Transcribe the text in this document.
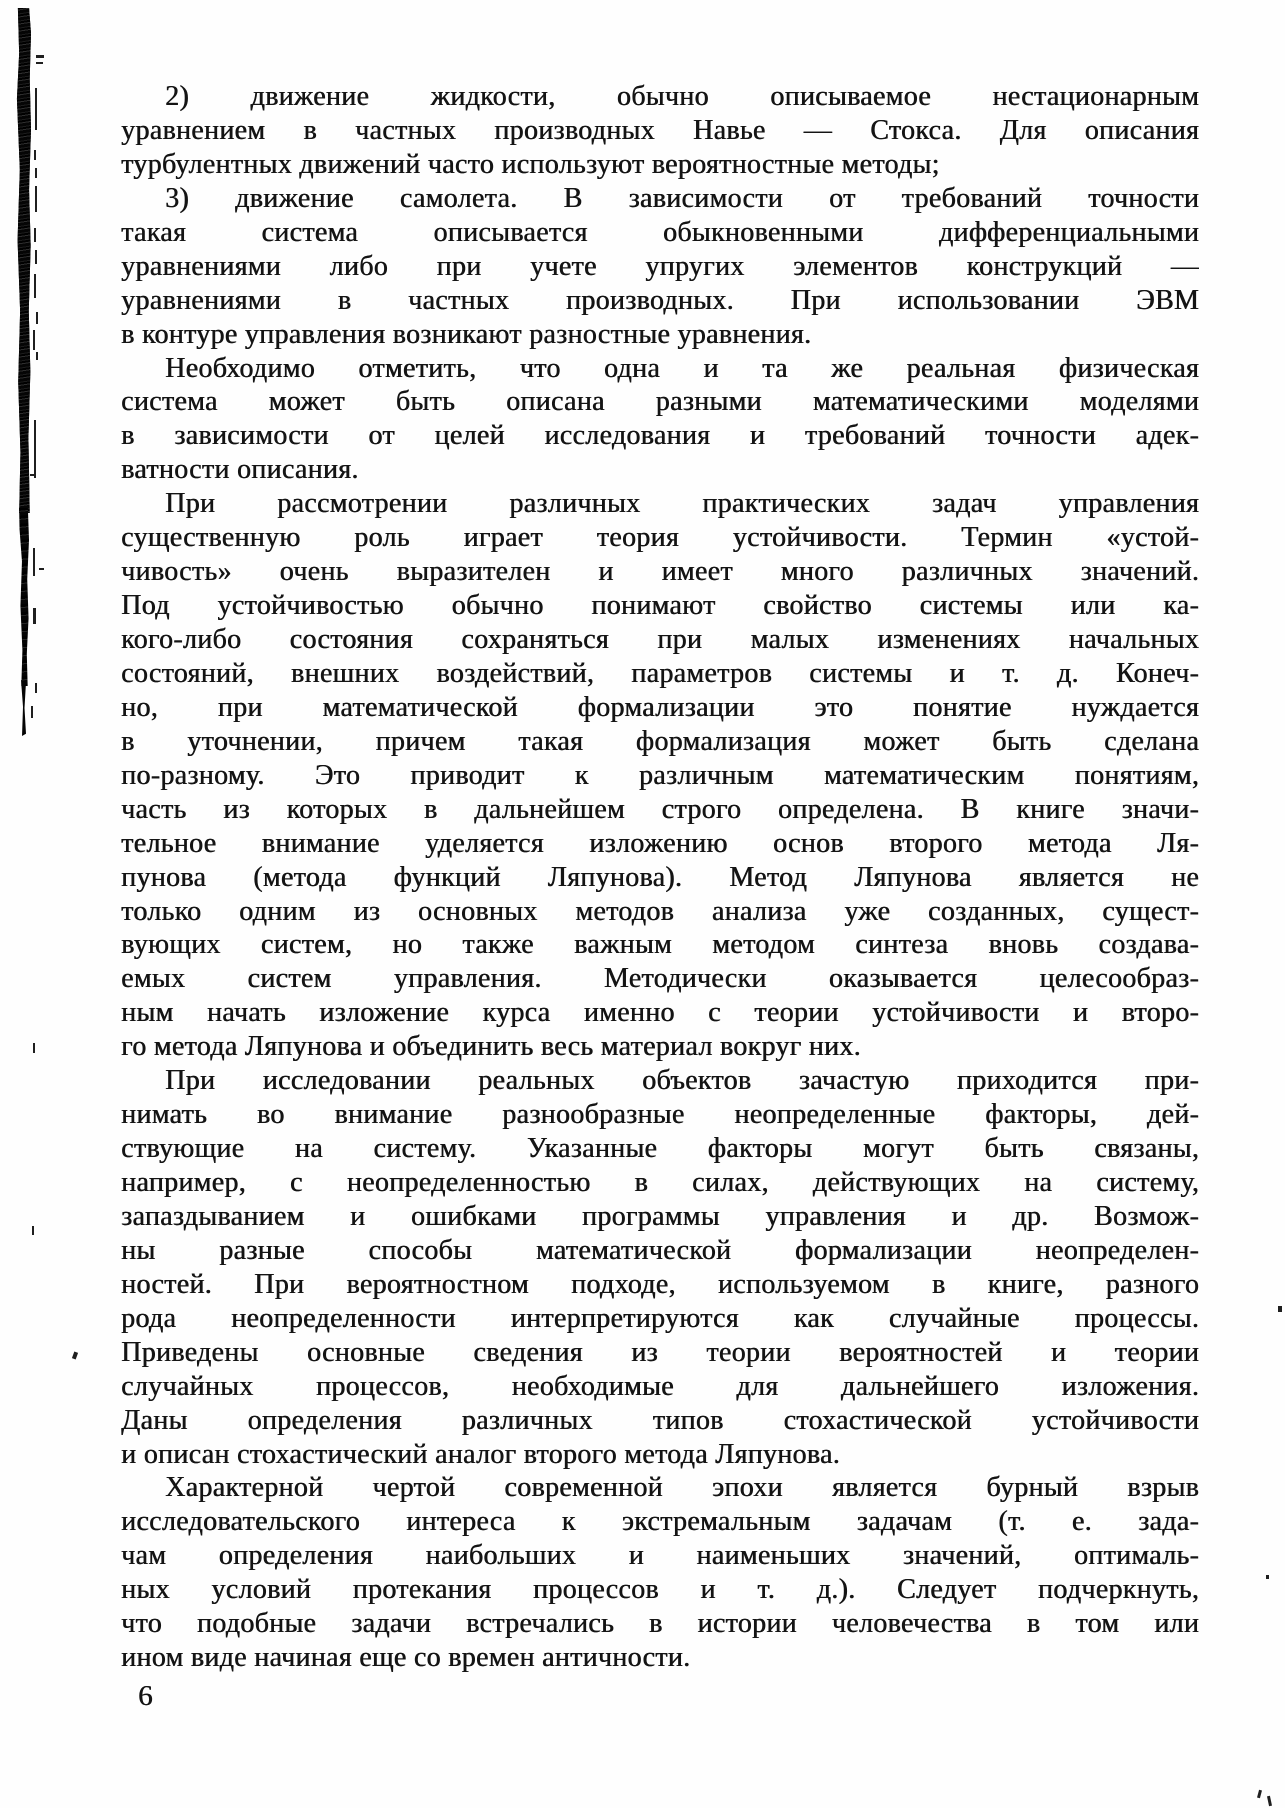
2) движение жидкости, обычно описываемое нестационарным
уравнением в частных производных Навье — Стокса. Для описания
турбулентных движений часто используют вероятностные методы;
3) движение самолета. В зависимости от требований точности
такая система описывается обыкновенными дифференциальными
уравнениями либо при учете упругих элементов конструкций —
уравнениями в частных производных. При использовании ЭВМ
в контуре управления возникают разностные уравнения.
Необходимо отметить, что одна и та же реальная физическая
система может быть описана разными математическими моделями
в зависимости от целей исследования и требований точности адек-
ватности описания.
При рассмотрении различных практических задач управления
существенную роль играет теория устойчивости. Термин «устой-
чивость» очень выразителен и имеет много различных значений.
Под устойчивостью обычно понимают свойство системы или ка-
кого-либо состояния сохраняться при малых изменениях начальных
состояний, внешних воздействий, параметров системы и т. д. Конеч-
но, при математической формализации это понятие нуждается
в уточнении, причем такая формализация может быть сделана
по-разному. Это приводит к различным математическим понятиям,
часть из которых в дальнейшем строго определена. В книге значи-
тельное внимание уделяется изложению основ второго метода Ля-
пунова (метода функций Ляпунова). Метод Ляпунова является не
только одним из основных методов анализа уже созданных, сущест-
вующих систем, но также важным методом синтеза вновь создава-
емых систем управления. Методически оказывается целесообраз-
ным начать изложение курса именно с теории устойчивости и второ-
го метода Ляпунова и объединить весь материал вокруг них.
При исследовании реальных объектов зачастую приходится при-
нимать во внимание разнообразные неопределенные факторы, дей-
ствующие на систему. Указанные факторы могут быть связаны,
например, с неопределенностью в силах, действующих на систему,
запаздыванием и ошибками программы управления и др. Возмож-
ны разные способы математической формализации неопределен-
ностей. При вероятностном подходе, используемом в книге, разного
рода неопределенности интерпретируются как случайные процессы.
Приведены основные сведения из теории вероятностей и теории
случайных процессов, необходимые для дальнейшего изложения.
Даны определения различных типов стохастической устойчивости
и описан стохастический аналог второго метода Ляпунова.
Характерной чертой современной эпохи является бурный взрыв
исследовательского интереса к экстремальным задачам (т. е. зада-
чам определения наибольших и наименьших значений, оптималь-
ных условий протекания процессов и т. д.). Следует подчеркнуть,
что подобные задачи встречались в истории человечества в том или
ином виде начиная еще со времен античности.
6
